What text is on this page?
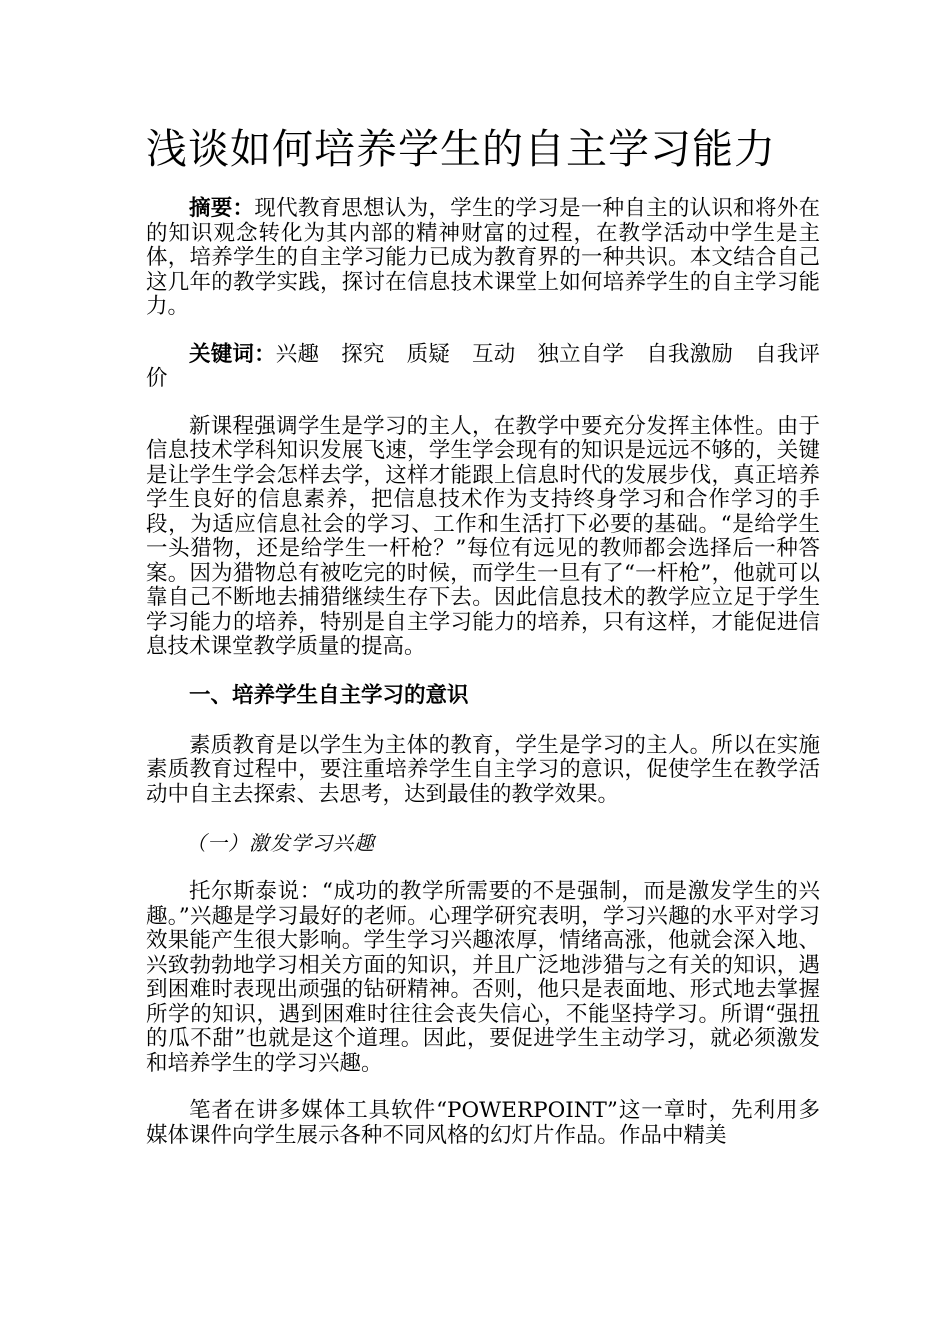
浅谈如何培养学生的自主学习能力

摘要：现代教育思想认为，学生的学习是一种自主的认识和将外在的知识观念转化为其内部的精神财富的过程，在教学活动中学生是主体，培养学生的自主学习能力已成为教育界的一种共识。本文结合自己这几年的教学实践，探讨在信息技术课堂上如何培养学生的自主学习能力。

关键词：兴趣 探究 质疑 互动 独立自学 自我激励 自我评价

新课程强调学生是学习的主人，在教学中要充分发挥主体性。由于信息技术学科知识发展飞速，学生学会现有的知识是远远不够的，关键是让学生学会怎样去学，这样才能跟上信息时代的发展步伐，真正培养学生良好的信息素养，把信息技术作为支持终身学习和合作学习的手段，为适应信息社会的学习、工作和生活打下必要的基础。“是给学生一头猎物，还是给学生一杆枪？”每位有远见的教师都会选择后一种答案。因为猎物总有被吃完的时候，而学生一旦有了“一杆枪”，他就可以靠自己不断地去捕猎继续生存下去。因此信息技术的教学应立足于学生学习能力的培养，特别是自主学习能力的培养，只有这样，才能促进信息技术课堂教学质量的提高。

一、培养学生自主学习的意识

素质教育是以学生为主体的教育，学生是学习的主人。所以在实施素质教育过程中，要注重培养学生自主学习的意识，促使学生在教学活动中自主去探索、去思考，达到最佳的教学效果。

（一）激发学习兴趣

托尔斯泰说：“成功的教学所需要的不是强制，而是激发学生的兴趣。”兴趣是学习最好的老师。心理学研究表明，学习兴趣的水平对学习效果能产生很大影响。学生学习兴趣浓厚，情绪高涨，他就会深入地、兴致勃勃地学习相关方面的知识，并且广泛地涉猎与之有关的知识，遇到困难时表现出顽强的钻研精神。否则，他只是表面地、形式地去掌握所学的知识，遇到困难时往往会丧失信心，不能坚持学习。所谓“强扭的瓜不甜”也就是这个道理。因此，要促进学生主动学习，就必须激发和培养学生的学习兴趣。

笔者在讲多媒体工具软件“POWERPOINT”这一章时，先利用多媒体课件向学生展示各种不同风格的幻灯片作品。作品中精美
